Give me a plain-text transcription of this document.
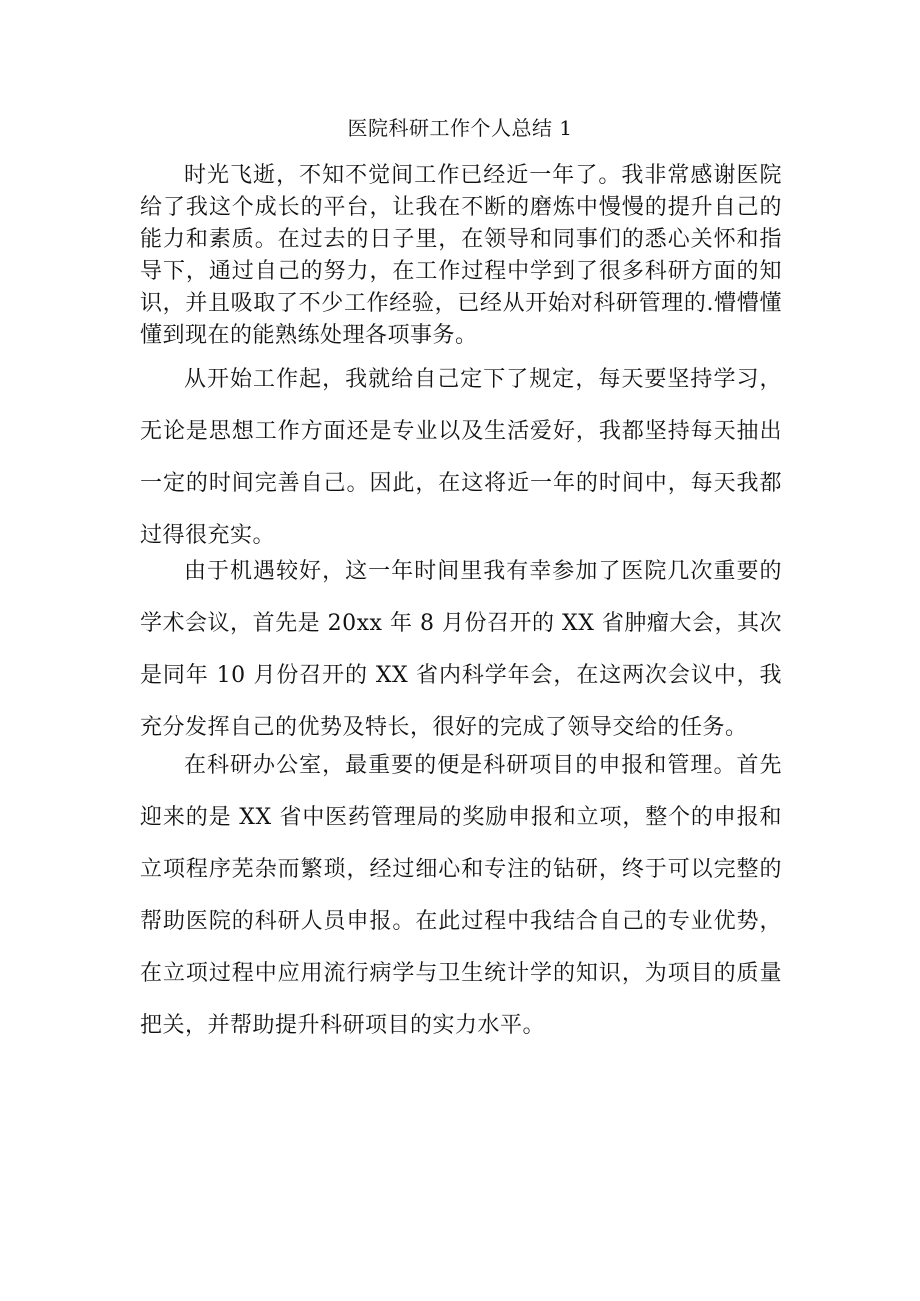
医院科研工作个人总结 1

时光飞逝，不知不觉间工作已经近一年了。我非常感谢医院给了我这个成长的平台，让我在不断的磨炼中慢慢的提升自己的能力和素质。在过去的日子里，在领导和同事们的悉心关怀和指导下，通过自己的努力，在工作过程中学到了很多科研方面的知识，并且吸取了不少工作经验，已经从开始对科研管理的.懵懵懂懂到现在的能熟练处理各项事务。

从开始工作起，我就给自己定下了规定，每天要坚持学习，无论是思想工作方面还是专业以及生活爱好，我都坚持每天抽出一定的时间完善自己。因此，在这将近一年的时间中，每天我都过得很充实。

由于机遇较好，这一年时间里我有幸参加了医院几次重要的学术会议，首先是 20xx 年 8 月份召开的 XX 省肿瘤大会，其次是同年 10 月份召开的 XX 省内科学年会，在这两次会议中，我充分发挥自己的优势及特长，很好的完成了领导交给的任务。

在科研办公室，最重要的便是科研项目的申报和管理。首先迎来的是 XX 省中医药管理局的奖励申报和立项，整个的申报和立项程序芜杂而繁琐，经过细心和专注的钻研，终于可以完整的帮助医院的科研人员申报。在此过程中我结合自己的专业优势，在立项过程中应用流行病学与卫生统计学的知识，为项目的质量把关，并帮助提升科研项目的实力水平。
